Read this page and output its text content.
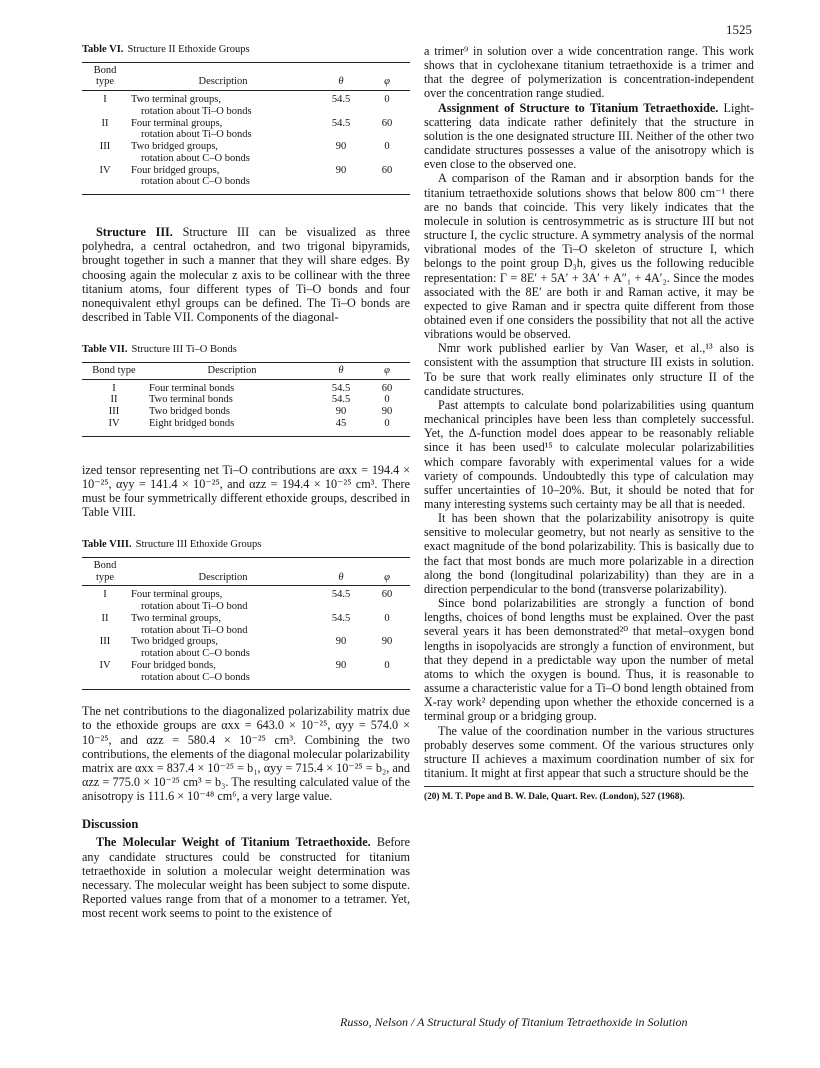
1525
Table VI. Structure II Ethoxide Groups
Bond type	Description	θ	φ
I	Two terminal groups,
rotation about Ti–O bonds	54.5	0
II	Four terminal groups,
rotation about Ti–O bonds	54.5	60
III	Two bridged groups,
rotation about C–O bonds	90	0
IV	Four bridged groups,
rotation about C–O bonds	90	60

Structure III. Structure III can be visualized as three polyhedra, a central octahedron, and two trigonal bipyramids, brought together in such a manner that they will share edges. By choosing again the molecular z axis to be collinear with the three titanium atoms, four different types of Ti–O bonds and four nonequivalent ethyl groups can be defined. The Ti–O bonds are described in Table VII. Components of the diagonal-

Table VII. Structure III Ti–O Bonds
Bond type	Description	θ	φ
I	Four terminal bonds	54.5	60
II	Two terminal bonds	54.5	0
III	Two bridged bonds	90	90
IV	Eight bridged bonds	45	0

ized tensor representing net Ti–O contributions are αxx = 194.4 × 10⁻²⁵, αyy = 141.4 × 10⁻²⁵, and αzz = 194.4 × 10⁻²⁵ cm³. There must be four symmetrically different ethoxide groups, described in Table VIII.

Table VIII. Structure III Ethoxide Groups
Bond type	Description	θ	φ
I	Four terminal groups,
rotation about Ti–O bond	54.5	60
II	Two terminal groups,
rotation about Ti–O bond	54.5	0
III	Two bridged groups,
rotation about C–O bonds	90	90
IV	Four bridged bonds,
rotation about C–O bonds	90	0

The net contributions to the diagonalized polarizability matrix due to the ethoxide groups are αxx = 643.0 × 10⁻²⁵, αyy = 574.0 × 10⁻²⁵, and αzz = 580.4 × 10⁻²⁵ cm³. Combining the two contributions, the elements of the diagonal molecular polarizability matrix are αxx = 837.4 × 10⁻²⁵ = b₁, αyy = 715.4 × 10⁻²⁵ = b₂, and αzz = 775.0 × 10⁻²⁵ cm³ = b₃. The resulting calculated value of the anisotropy is 111.6 × 10⁻⁴⁸ cm⁶, a very large value.

Discussion

The Molecular Weight of Titanium Tetraethoxide. Before any candidate structures could be constructed for titanium tetraethoxide in solution a molecular weight determination was necessary. The molecular weight has been subject to some dispute. Reported values range from that of a monomer to a tetramer. Yet, most recent work seems to point to the existence of

a trimer⁹ in solution over a wide concentration range. This work shows that in cyclohexane titanium tetraethoxide is a trimer and that the degree of polymerization is concentration-independent over the concentration range studied.

Assignment of Structure to Titanium Tetraethoxide. Light-scattering data indicate rather definitely that the structure in solution is the one designated structure III. Neither of the other two candidate structures possesses a value of the anisotropy which is even close to the observed one.

A comparison of the Raman and ir absorption bands for the titanium tetraethoxide solutions shows that below 800 cm⁻¹ there are no bands that coincide. This very likely indicates that the molecule in solution is centrosymmetric as is structure III but not structure I, the cyclic structure. A symmetry analysis of the normal vibrational modes of the Ti–O skeleton of structure I, which belongs to the point group D₃h, gives us the following reducible representation: Γ = 8E′ + 5A′ + 3A′ + A″₁ + 4A′₂. Since the modes associated with the 8E′ are both ir and Raman active, it may be expected to give Raman and ir spectra quite different from those obtained even if one considers the possibility that not all the active vibrations would be observed.

Nmr work published earlier by Van Waser, et al.,¹³ also is consistent with the assumption that structure III exists in solution. To be sure that work really eliminates only structure II of the candidate structures.

Past attempts to calculate bond polarizabilities using quantum mechanical principles have been less than completely successful. Yet, the Δ-function model does appear to be reasonably reliable since it has been used¹⁵ to calculate molecular polarizabilities which compare favorably with experimental values for a wide variety of compounds. Undoubtedly this type of calculation may suffer uncertainties of 10–20%. But, it should be noted that for many interesting systems such certainty may be all that is needed.

It has been shown that the polarizability anisotropy is quite sensitive to molecular geometry, but not nearly as sensitive to the exact magnitude of the bond polarizability. This is basically due to the fact that most bonds are much more polarizable in a direction along the bond (longitudinal polarizability) than they are in a direction perpendicular to the bond (transverse polarizability).

Since bond polarizabilities are strongly a function of bond lengths, choices of bond lengths must be explained. Over the past several years it has been demonstrated²⁰ that metal–oxygen bond lengths in isopolyacids are strongly a function of environment, but that they depend in a predictable way upon the number of metal atoms to which the oxygen is bound. Thus, it is reasonable to assume a characteristic value for a Ti–O bond length obtained from X-ray work² depending upon whether the ethoxide concerned is a terminal group or a bridging group.

The value of the coordination number in the various structures probably deserves some comment. Of the various structures only structure II achieves a maximum coordination number of six for titanium. It might at first appear that such a structure should be the

(20) M. T. Pope and B. W. Dale, Quart. Rev. (London), 527 (1968).

Russo, Nelson / A Structural Study of Titanium Tetraethoxide in Solution
